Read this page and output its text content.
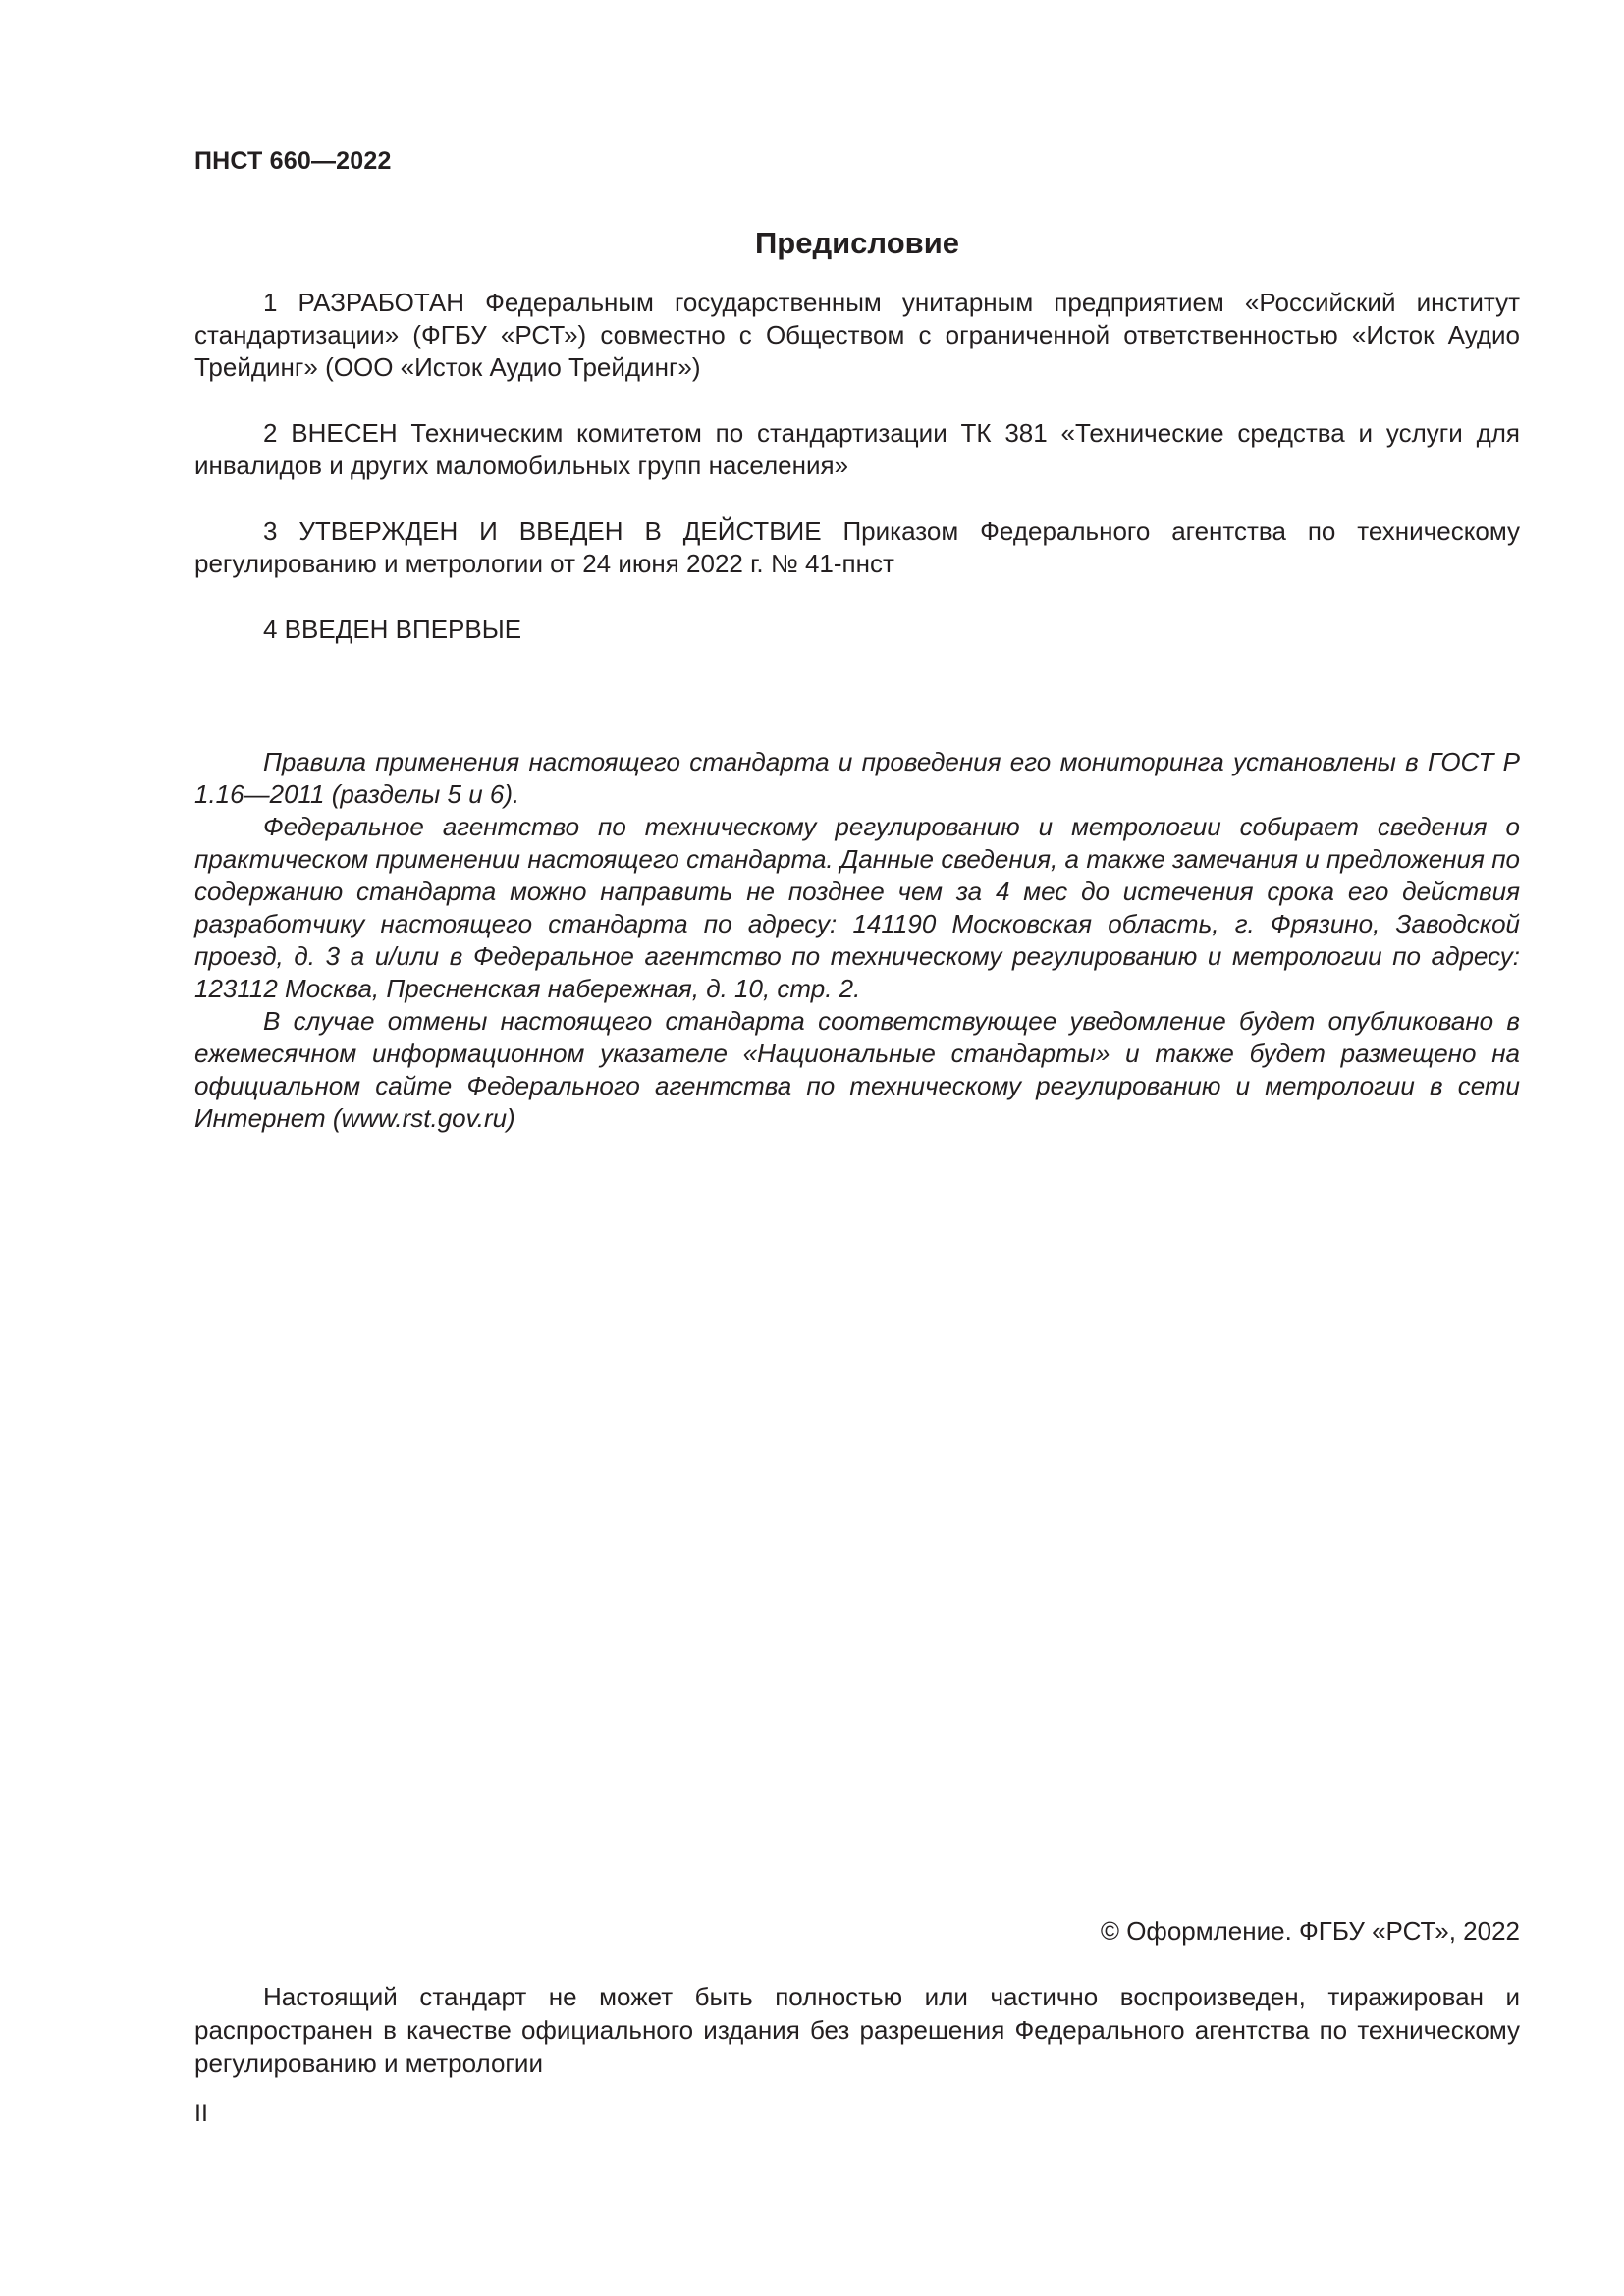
ПНСТ 660—2022
Предисловие

1 РАЗРАБОТАН Федеральным государственным унитарным предприятием «Российский институт стандартизации» (ФГБУ «РСТ») совместно с Обществом с ограниченной ответственностью «Исток Аудио Трейдинг» (ООО «Исток Аудио Трейдинг»)

2 ВНЕСЕН Техническим комитетом по стандартизации ТК 381 «Технические средства и услуги для инвалидов и других маломобильных групп населения»

3 УТВЕРЖДЕН И ВВЕДЕН В ДЕЙСТВИЕ Приказом Федерального агентства по техническому регулированию и метрологии от 24 июня 2022 г. № 41-пнст

4 ВВЕДЕН ВПЕРВЫЕ

Правила применения настоящего стандарта и проведения его мониторинга установлены в ГОСТ Р 1.16—2011 (разделы 5 и 6).

Федеральное агентство по техническому регулированию и метрологии собирает сведения о практическом применении настоящего стандарта. Данные сведения, а также замечания и предложения по содержанию стандарта можно направить не позднее чем за 4 мес до истечения срока его действия разработчику настоящего стандарта по адресу: 141190 Московская область, г. Фрязино, Заводской проезд, д. 3 а и/или в Федеральное агентство по техническому регулированию и метрологии по адресу: 123112 Москва, Пресненская набережная, д. 10, стр. 2.

В случае отмены настоящего стандарта соответствующее уведомление будет опубликовано в ежемесячном информационном указателе «Национальные стандарты» и также будет размещено на официальном сайте Федерального агентства по техническому регулированию и метрологии в сети Интернет (www.rst.gov.ru)

© Оформление. ФГБУ «РСТ», 2022

Настоящий стандарт не может быть полностью или частично воспроизведен, тиражирован и распространен в качестве официального издания без разрешения Федерального агентства по техническому регулированию и метрологии

II
